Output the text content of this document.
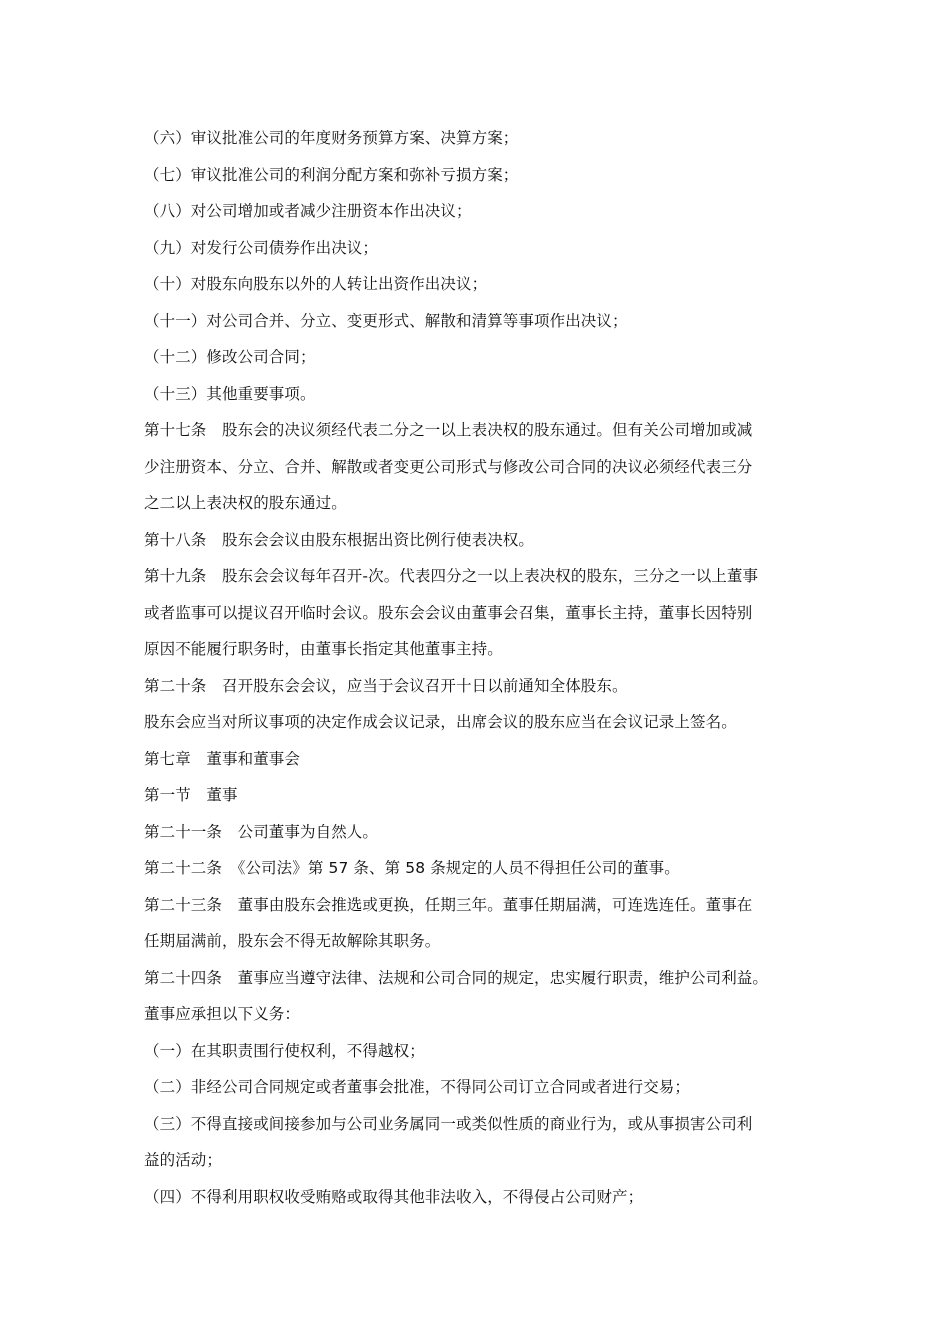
（六）审议批准公司的年度财务预算方案、决算方案；
（七）审议批准公司的利润分配方案和弥补亏损方案；
（八）对公司增加或者减少注册资本作出决议；
（九）对发行公司债券作出决议；
（十）对股东向股东以外的人转让出资作出决议；
（十一）对公司合并、分立、变更形式、解散和清算等事项作出决议；
（十二）修改公司合同；
（十三）其他重要事项。
第十七条　股东会的决议须经代表二分之一以上表决权的股东通过。但有关公司增加或减
少注册资本、分立、合并、解散或者变更公司形式与修改公司合同的决议必须经代表三分
之二以上表决权的股东通过。
第十八条　股东会会议由股东根据出资比例行使表决权。
第十九条　股东会会议每年召开-次。代表四分之一以上表决权的股东，三分之一以上董事
或者监事可以提议召开临时会议。股东会会议由董事会召集，董事长主持，董事长因特别
原因不能履行职务时，由董事长指定其他董事主持。
第二十条　召开股东会会议，应当于会议召开十日以前通知全体股东。
股东会应当对所议事项的决定作成会议记录，出席会议的股东应当在会议记录上签名。
第七章　董事和董事会
第一节　董事
第二十一条　公司董事为自然人。
第二十二条　《公司法》第 57 条、第 58 条规定的人员不得担任公司的董事。
第二十三条　董事由股东会推选或更换，任期三年。董事任期届满，可连选连任。董事在
任期届满前，股东会不得无故解除其职务。
第二十四条　董事应当遵守法律、法规和公司合同的规定，忠实履行职责，维护公司利益。
董事应承担以下义务：
（一）在其职责围行使权利，不得越权；
（二）非经公司合同规定或者董事会批准，不得同公司订立合同或者进行交易；
（三）不得直接或间接参加与公司业务属同一或类似性质的商业行为，或从事损害公司利
益的活动；
（四）不得利用职权收受贿赂或取得其他非法收入，不得侵占公司财产；
